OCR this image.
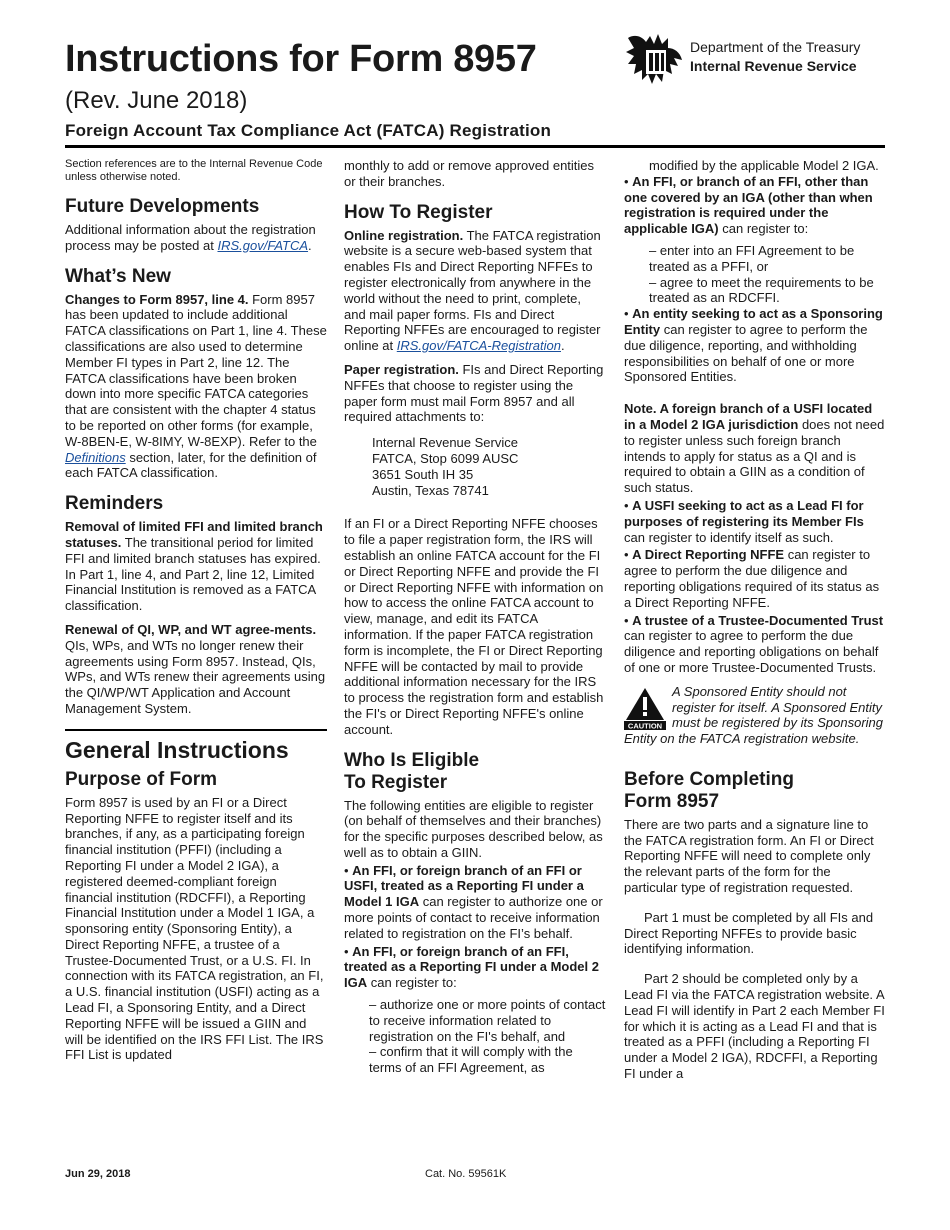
Instructions for Form 8957
(Rev. June 2018)
Foreign Account Tax Compliance Act (FATCA) Registration
Department of the Treasury
Internal Revenue Service

Section references are to the Internal Revenue Code unless otherwise noted.

Future Developments

Additional information about the registration process may be posted at IRS.gov/FATCA.

What’s New

Changes to Form 8957, line 4. Form 8957 has been updated to include additional FATCA classifications on Part 1, line 4. These classifications are also used to determine Member FI types in Part 2, line 12. The FATCA classifications have been broken down into more specific FATCA categories that are consistent with the chapter 4 status to be reported on other forms (for example, W-8BEN-E, W-8IMY, W-8EXP). Refer to the Definitions section, later, for the definition of each FATCA classification.

Reminders

Removal of limited FFI and limited branch statuses. The transitional period for limited FFI and limited branch statuses has expired. In Part 1, line 4, and Part 2, line 12, Limited Financial Institution is removed as a FATCA classification.

Renewal of QI, WP, and WT agree-ments. QIs, WPs, and WTs no longer renew their agreements using Form 8957. Instead, QIs, WPs, and WTs renew their agreements using the QI/WP/WT Application and Account Management System.

General Instructions
Purpose of Form

Form 8957 is used by an FI or a Direct Reporting NFFE to register itself and its branches, if any, as a participating foreign financial institution (PFFI) (including a Reporting FI under a Model 2 IGA), a registered deemed-compliant foreign financial institution (RDCFFI), a Reporting Financial Institution under a Model 1 IGA, a sponsoring entity (Sponsoring Entity), a Direct Reporting NFFE, a trustee of a Trustee-Documented Trust, or a U.S. FI. In connection with its FATCA registration, an FI, a U.S. financial institution (USFI) acting as a Lead FI, a Sponsoring Entity, and a Direct Reporting NFFE will be issued a GIIN and will be identified on the IRS FFI List. The IRS FFI List is updated

monthly to add or remove approved entities or their branches.

How To Register

Online registration. The FATCA registration website is a secure web-based system that enables FIs and Direct Reporting NFFEs to register electronically from anywhere in the world without the need to print, complete, and mail paper forms. FIs and Direct Reporting NFFEs are encouraged to register online at IRS.gov/FATCA-Registration.

Paper registration. FIs and Direct Reporting NFFEs that choose to register using the paper form must mail Form 8957 and all required attachments to:

Internal Revenue Service
FATCA, Stop 6099 AUSC
3651 South IH 35
Austin, Texas 78741

If an FI or a Direct Reporting NFFE chooses to file a paper registration form, the IRS will establish an online FATCA account for the FI or Direct Reporting NFFE and provide the FI or Direct Reporting NFFE with information on how to access the online FATCA account to view, manage, and edit its FATCA information. If the paper FATCA registration form is incomplete, the FI or Direct Reporting NFFE will be contacted by mail to provide additional information necessary for the IRS to process the registration form and establish the FI's or Direct Reporting NFFE's online account.

Who Is Eligible
To Register

The following entities are eligible to register (on behalf of themselves and their branches) for the specific purposes described below, as well as to obtain a GIIN.

• An FFI, or foreign branch of an FFI or USFI, treated as a Reporting FI under a Model 1 IGA can register to authorize one or more points of contact to receive information related to registration on the FI’s behalf.

• An FFI, or foreign branch of an FFI, treated as a Reporting FI under a Model 2 IGA can register to:

– authorize one or more points of contact to receive information related to registration on the FI's behalf, and
– confirm that it will comply with the terms of an FFI Agreement, as
modified by the applicable Model 2 IGA.

• An FFI, or branch of an FFI, other than one covered by an IGA (other than when registration is required under the applicable IGA) can register to:

– enter into an FFI Agreement to be treated as a PFFI, or
– agree to meet the requirements to be treated as an RDCFFI.

• An entity seeking to act as a Sponsoring Entity can register to agree to perform the due diligence, reporting, and withholding responsibilities on behalf of one or more Sponsored Entities.

Note. A foreign branch of a USFI located in a Model 2 IGA jurisdiction does not need to register unless such foreign branch intends to apply for status as a QI and is required to obtain a GIIN as a condition of such status.

• A USFI seeking to act as a Lead FI for purposes of registering its Member FIs can register to identify itself as such.

• A Direct Reporting NFFE can register to agree to perform the due diligence and reporting obligations required of its status as a Direct Reporting NFFE.

• A trustee of a Trustee-Documented Trust can register to agree to perform the due diligence and reporting obligations on behalf of one or more Trustee-Documented Trusts.

CAUTION
A Sponsored Entity should not register for itself. A Sponsored Entity must be registered by its Sponsoring Entity on the FATCA registration website.
Before Completing
Form 8957

There are two parts and a signature line to the FATCA registration form. An FI or Direct Reporting NFFE will need to complete only the relevant parts of the form for the particular type of registration requested.

Part 1 must be completed by all FIs and Direct Reporting NFFEs to provide basic identifying information.

Part 2 should be completed only by a Lead FI via the FATCA registration website. A Lead FI will identify in Part 2 each Member FI for which it is acting as a Lead FI and that is treated as a PFFI (including a Reporting FI under a Model 2 IGA), RDCFFI, a Reporting FI under a

Jun 29, 2018	Cat. No. 59561K
